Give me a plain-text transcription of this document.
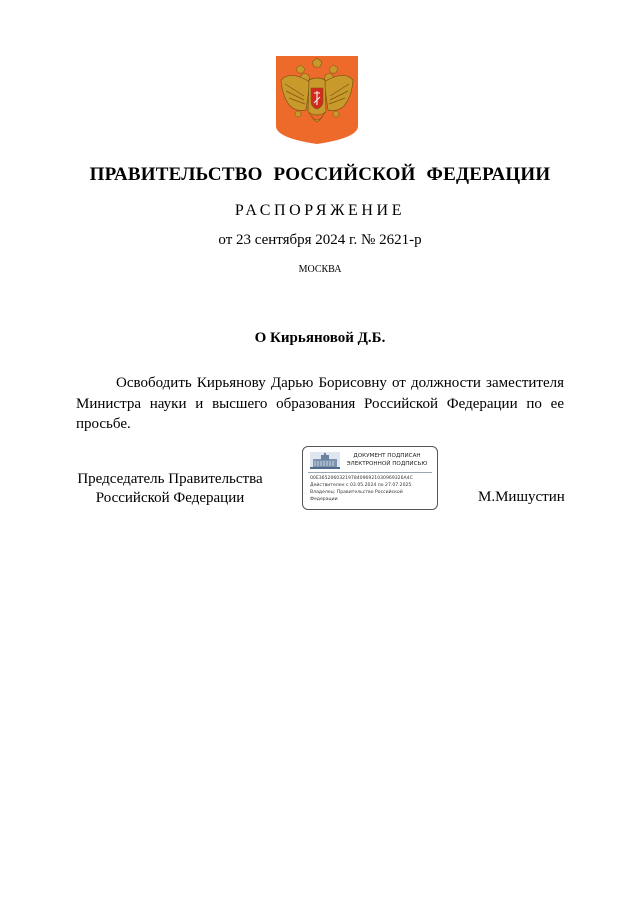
ПРАВИТЕЛЬСТВО РОССИЙСКОЙ ФЕДЕРАЦИИ
РАСПОРЯЖЕНИЕ
от 23 сентября 2024 г. № 2621-р
МОСКВА
О Кирьяновой Д.Б.
Освободить Кирьянову Дарью Борисовну от должности заместителя Министра науки и высшего образования Российской Федерации по ее просьбе.
Председатель Правительства
Российской Федерации
ДОКУМЕНТ ПОДПИСАН
ЭЛЕКТРОННОЙ ПОДПИСЬЮ
00E36520603219784096921030969326A4C
Действителен с 03.05.2024 по 27.07.2025
Владелец: Правительство Российской
Федерации	М.Мишустин
